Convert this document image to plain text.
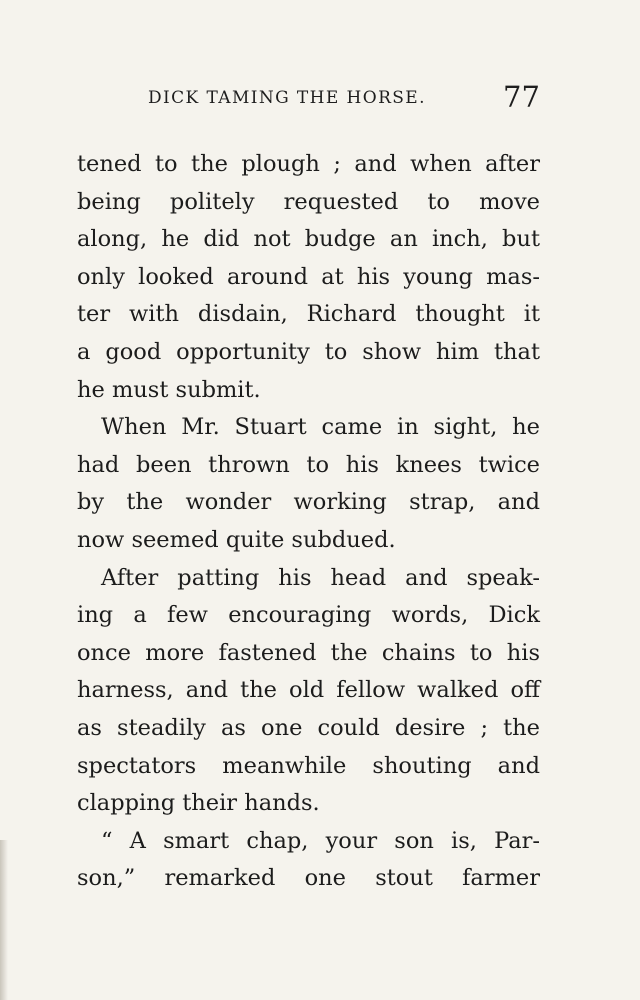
DICK TAMING THE HORSE.	77
tened to the plough ; and when after
being politely requested to move
along, he did not budge an inch, but
only looked around at his young mas-
ter with disdain, Richard thought it
a good opportunity to show him that
he must submit.
When Mr. Stuart came in sight, he
had been thrown to his knees twice
by the wonder working strap, and
now seemed quite subdued.
After patting his head and speak-
ing a few encouraging words, Dick
once more fastened the chains to his
harness, and the old fellow walked off
as steadily as one could desire ; the
spectators meanwhile shouting and
clapping their hands.
“ A smart chap, your son is, Par-
son,” remarked one stout farmer
